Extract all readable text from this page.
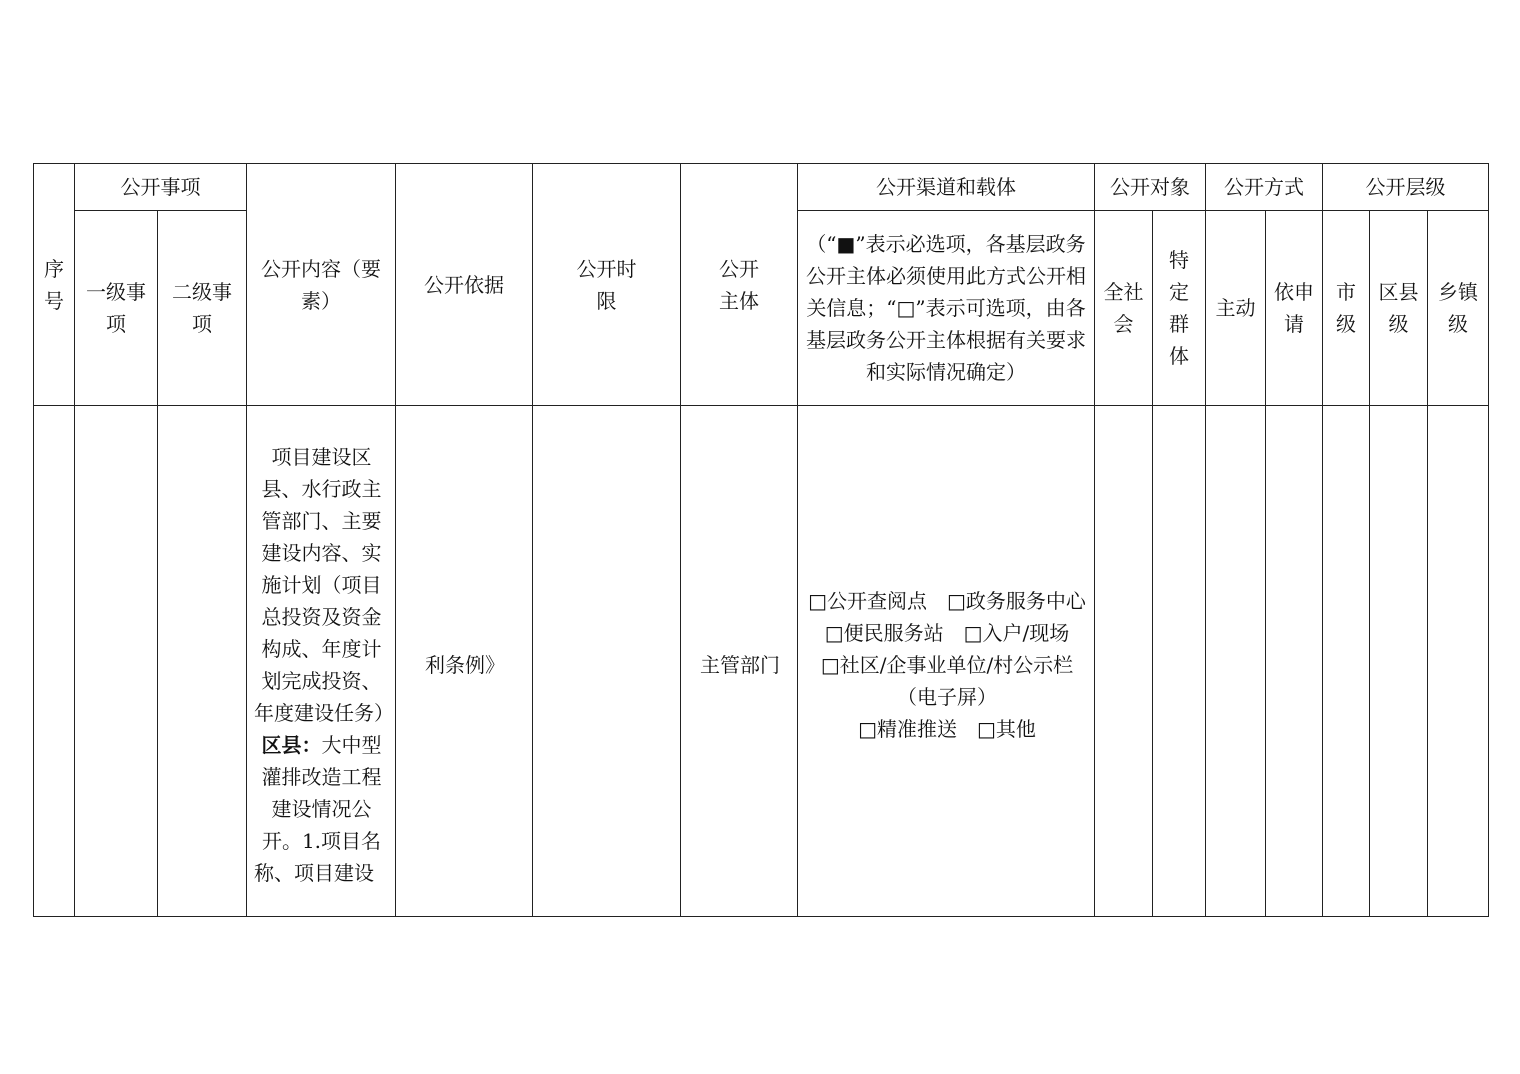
序号	公开事项		公开内容（要素）	公开依据	公开时限	公开主体	公开渠道和载体	公开对象		公开方式		公开层级		
	一级事项	二级事项					（“■”表示必选项，各基层政务公开主体必须使用此方式公开相关信息；“□”表示可选项，由各基层政务公开主体根据有关要求和实际情况确定）	全社会	特定群体	主动	依申请	市级	区县级	乡镇级
			项目建设区县、水行政主管部门、主要建设内容、实施计划（项目总投资及资金构成、年度计划完成投资、年度建设任务）区县：大中型灌排改造工程建设情况公开。1.项目名称、项目建设	利条例》		主管部门	□公开查阅点　□政务服务中心
□便民服务站　□入户/现场
□社区/企事业单位/村公示栏（电子屏）
□精准推送　□其他							
